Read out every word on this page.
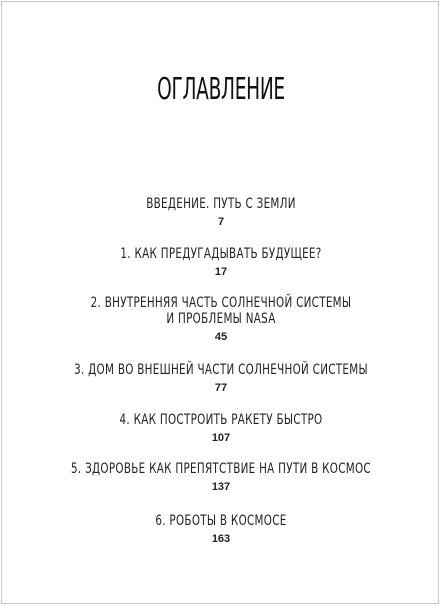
ОГЛАВЛЕНИЕ
ВВЕДЕНИЕ. ПУТЬ С ЗЕМЛИ
7
1. КАК ПРЕДУГАДЫВАТЬ БУДУЩЕЕ?
17
2. ВНУТРЕННЯЯ ЧАСТЬ СОЛНЕЧНОЙ СИСТЕМЫ
И ПРОБЛЕМЫ NASA
45
3. ДОМ ВО ВНЕШНЕЙ ЧАСТИ СОЛНЕЧНОЙ СИСТЕМЫ
77
4. КАК ПОСТРОИТЬ РАКЕТУ БЫСТРО
107
5. ЗДОРОВЬЕ КАК ПРЕПЯТСТВИЕ НА ПУТИ В КОСМОС
137
6. РОБОТЫ В КОСМОСЕ
163
